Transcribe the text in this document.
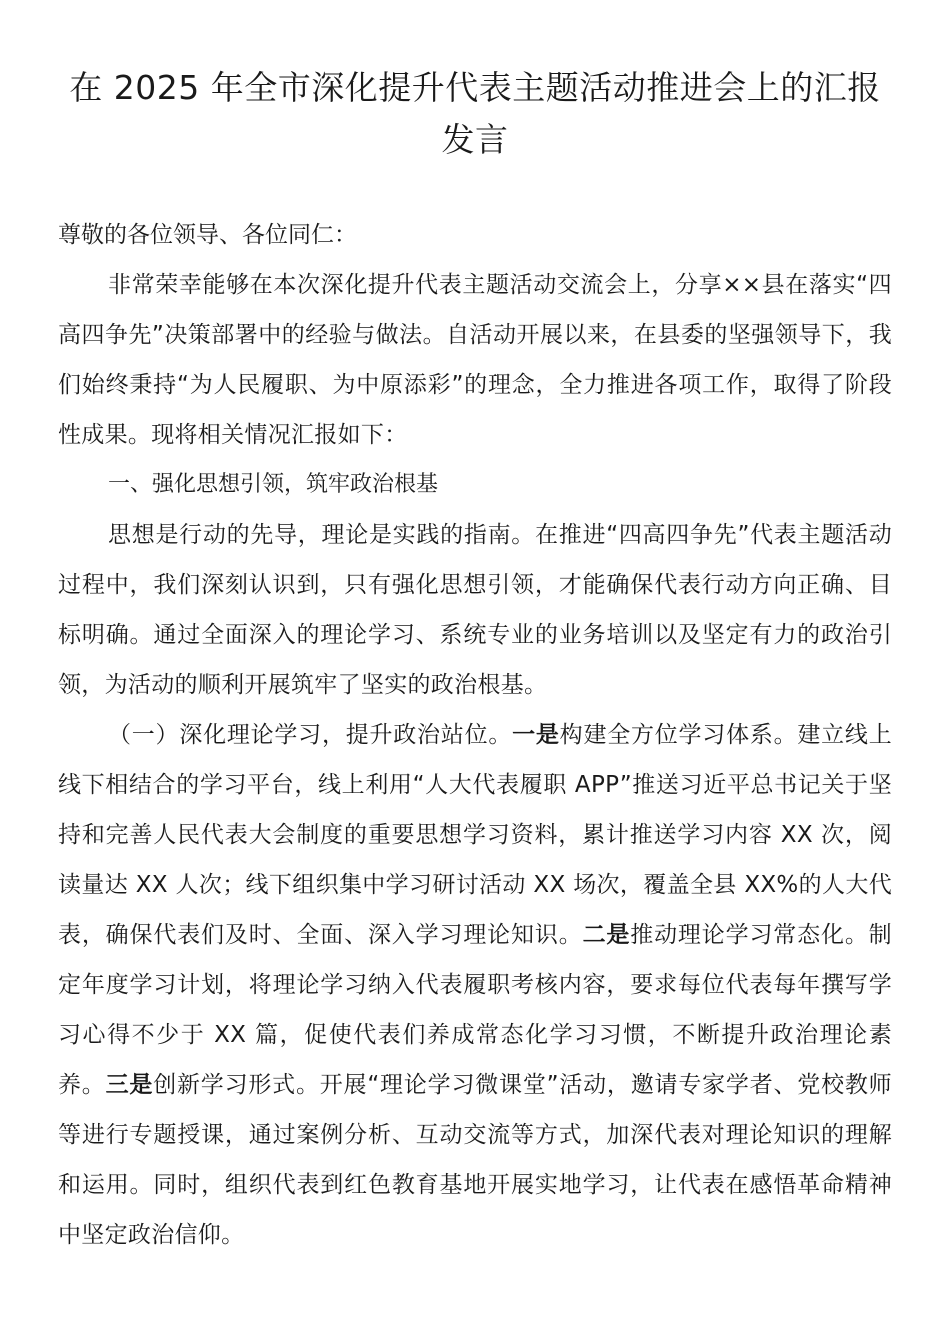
在 2025 年全市深化提升代表主题活动推进会上的汇报发言

尊敬的各位领导、各位同仁：

非常荣幸能够在本次深化提升代表主题活动交流会上，分享××县在落实“四高四争先”决策部署中的经验与做法。自活动开展以来，在县委的坚强领导下，我们始终秉持“为人民履职、为中原添彩”的理念，全力推进各项工作，取得了阶段性成果。现将相关情况汇报如下：

一、强化思想引领，筑牢政治根基

思想是行动的先导，理论是实践的指南。在推进“四高四争先”代表主题活动过程中，我们深刻认识到，只有强化思想引领，才能确保代表行动方向正确、目标明确。通过全面深入的理论学习、系统专业的业务培训以及坚定有力的政治引领，为活动的顺利开展筑牢了坚实的政治根基。

（一）深化理论学习，提升政治站位。一是构建全方位学习体系。建立线上线下相结合的学习平台，线上利用“人大代表履职 APP”推送习近平总书记关于坚持和完善人民代表大会制度的重要思想学习资料，累计推送学习内容 XX 次，阅读量达 XX 人次；线下组织集中学习研讨活动 XX 场次，覆盖全县 XX%的人大代表，确保代表们及时、全面、深入学习理论知识。二是推动理论学习常态化。制定年度学习计划，将理论学习纳入代表履职考核内容，要求每位代表每年撰写学习心得不少于 XX 篇，促使代表们养成常态化学习习惯，不断提升政治理论素养。三是创新学习形式。开展“理论学习微课堂”活动，邀请专家学者、党校教师等进行专题授课，通过案例分析、互动交流等方式，加深代表对理论知识的理解和运用。同时，组织代表到红色教育基地开展实地学习，让代表在感悟革命精神中坚定政治信仰。
